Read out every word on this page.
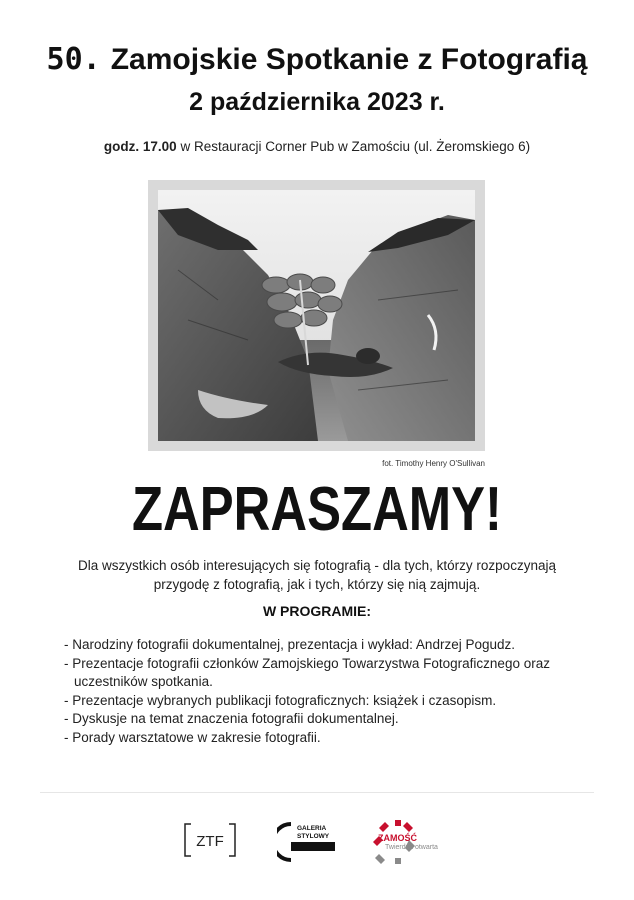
50. Zamojskie Spotkanie z Fotografią
2 października 2023 r.
godz. 17.00 w Restauracji Corner Pub w Zamościu (ul. Żeromskiego 6)
fot. Timothy Henry O'Sullivan
ZAPRASZAMY!
Dla wszystkich osób interesujących się fotografią - dla tych, którzy rozpoczynają
przygodę z fotografią, jak i tych, którzy się nią zajmują.
W PROGRAMIE:
- Narodziny fotografii dokumentalnej, prezentacja i wykład: Andrzej Pogudz.
- Prezentacje fotografii członków Zamojskiego Towarzystwa Fotograficznego oraz uczestników spotkania.
- Prezentacje wybranych publikacji fotograficznych: książek i czasopism.
- Dyskusje na temat znaczenia fotografii dokumentalnej.
- Porady warsztatowe w zakresie fotografii.
ZTF
GALERIA
STYLOWY	ZAMOŚĆ
Twierdza otwarta
